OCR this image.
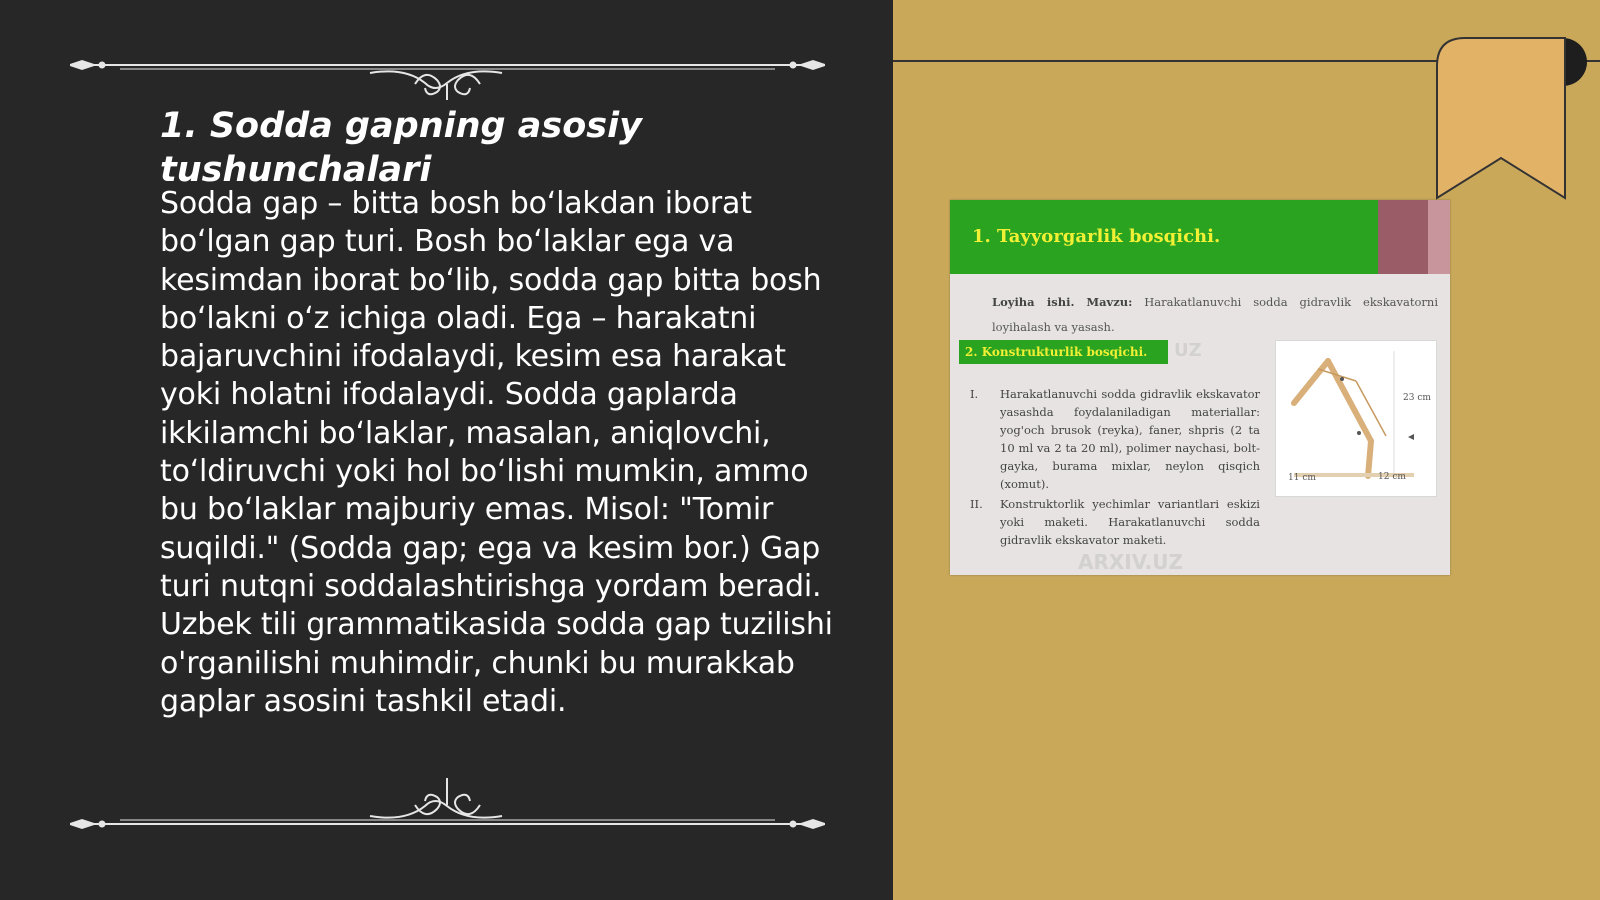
1. Sodda gapning asosiy tushunchalari

Sodda gap – bitta bosh boʻlakdan iborat boʻlgan gap turi. Bosh boʻlaklar ega va kesimdan iborat boʻlib, sodda gap bitta bosh boʻlakni oʻz ichiga oladi. Ega – harakatni bajaruvchini ifodalaydi, kesim esa harakat yoki holatni ifodalaydi. Sodda gaplarda ikkilamchi boʻlaklar, masalan, aniqlovchi, toʻldiruvchi yoki hol boʻlishi mumkin, ammo bu boʻlaklar majburiy emas. Misol: "Tomir suqildi." (Sodda gap; ega va kesim bor.) Gap turi nutqni soddalashtirishga yordam beradi. Uzbek tili grammatikasida sodda gap tuzilishi o'rganilishi muhimdir, chunki bu murakkab gaplar asosini tashkil etadi.

1. Tayyorgarlik bosqichi.

Loyiha ishi. Mavzu: Harakatlanuvchi sodda gidravlik ekskavatorni loyihalash va yasash.

2. Konstrukturlik bosqichi. UZ
I. Harakatlanuvchi sodda gidravlik ekskavator yasashda foydalaniladigan materiallar: yog'och brusok (reyka), faner, shpris (2 ta 10 ml va 2 ta 20 ml), polimer naychasi, bolt-gayka, burama mixlar, neylon qisqich (xomut).
II. Konstruktorlik yechimlar variantlari eskizi yoki maketi. Harakatlanuvchi sodda gidravlik ekskavator maketi.
ARXIV.UZ
23 cm
11 cm	12 cm
